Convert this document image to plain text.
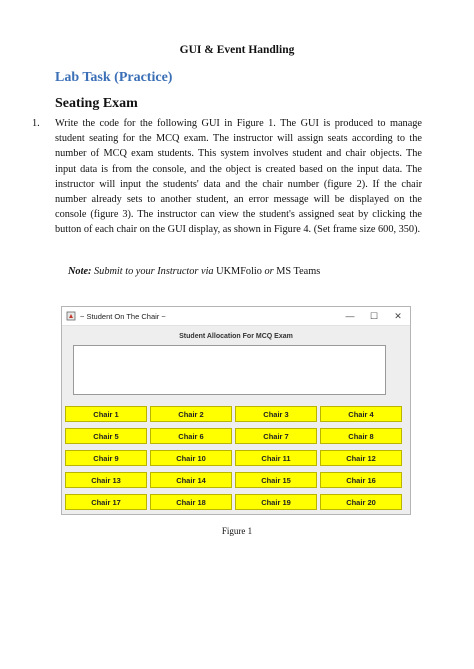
GUI & Event Handling
Lab Task (Practice)
Seating Exam
1. Write the code for the following GUI in Figure 1. The GUI is produced to manage student seating for the MCQ exam. The instructor will assign seats according to the number of MCQ exam students. This system involves student and chair objects. The input data is from the console, and the object is created based on the input data. The instructor will input the students' data and the chair number (figure 2). If the chair number already sets to another student, an error message will be displayed on the console (figure 3). The instructor can view the student's assigned seat by clicking the button of each chair on the GUI display, as shown in Figure 4. (Set frame size 600, 350).
Note: Submit to your Instructor via UKMFolio or MS Teams
~ Student On The Chair ~	—	☐	✕
Student Allocation For MCQ Exam
Chair 1	Chair 2	Chair 3	Chair 4
Chair 5	Chair 6	Chair 7	Chair 8
Chair 9	Chair 10	Chair 11	Chair 12
Chair 13	Chair 14	Chair 15	Chair 16
Chair 17	Chair 18	Chair 19	Chair 20
Figure 1
